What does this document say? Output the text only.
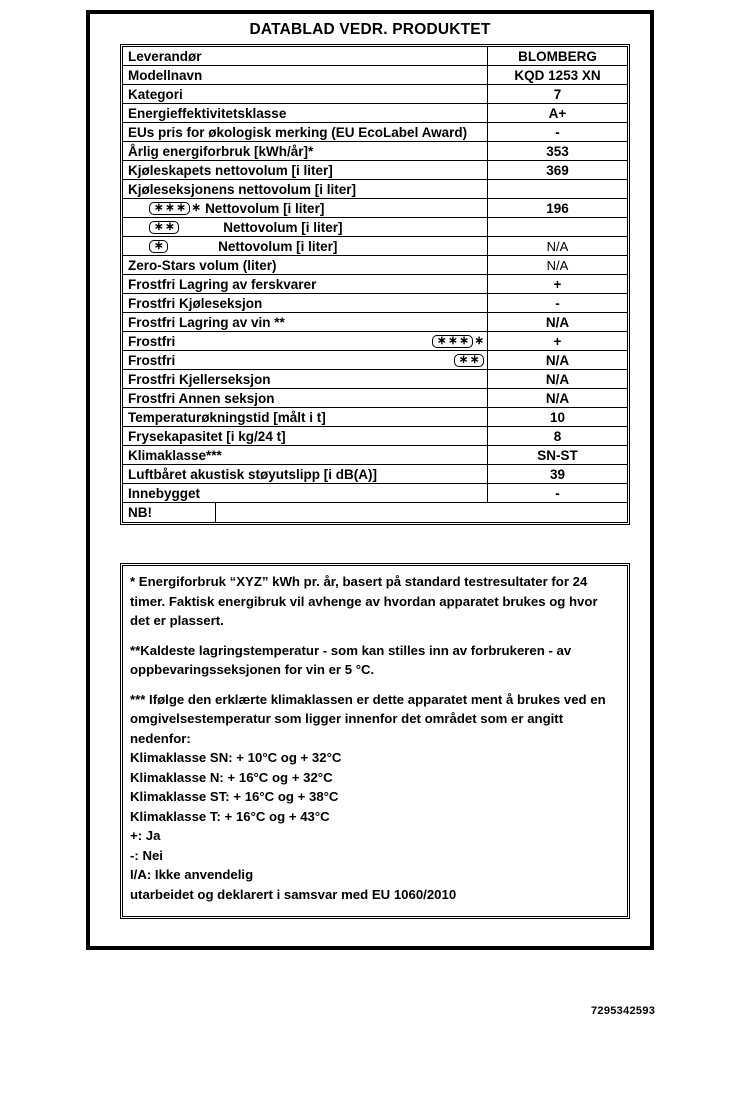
DATABLAD VEDR. PRODUKTET
Leverandør	BLOMBERG
Modellnavn	KQD 1253 XN
Kategori	7
Energieffektivitetsklasse	A+
EUs pris for økologisk merking (EU EcoLabel Award)	-
Årlig energiforbruk [kWh/år]*	353
Kjøleskapets nettovolum [i liter]	369
Kjøleseksjonens nettovolum [i liter]
∗∗∗ ∗ Nettovolum [i liter]	196
∗∗	Nettovolum [i liter]
∗	Nettovolum [i liter]	N/A
Zero-Stars volum (liter)	N/A
Frostfri Lagring av ferskvarer	+
Frostfri Kjøleseksjon	-
Frostfri Lagring av vin **	N/A
Frostfri	∗∗∗ ∗	+
Frostfri	∗∗	N/A
Frostfri Kjellerseksjon	N/A
Frostfri Annen seksjon	N/A
Temperaturøkningstid [målt i t]	10
Frysekapasitet [i kg/24 t]	8
Klimaklasse***	SN-ST
Luftbåret akustisk støyutslipp [i dB(A)]	39
Innebygget	-
NB!

* Energiforbruk “XYZ” kWh pr. år, basert på standard testresultater for 24 timer. Faktisk energibruk vil avhenge av hvordan apparatet brukes og hvor det er plassert.

**Kaldeste lagringstemperatur - som kan stilles inn av forbrukeren - av oppbevaringsseksjonen for vin er 5 °C.

*** Ifølge den erklærte klimaklassen er dette apparatet ment å brukes ved en omgivelsestemperatur som ligger innenfor det området som er angitt nedenfor:

Klimaklasse SN: + 10°C og + 32°C
Klimaklasse N: + 16°C og + 32°C
Klimaklasse ST: + 16°C og + 38°C
Klimaklasse T: + 16°C og + 43°C
+: Ja
-: Nei
I/A: Ikke anvendelig
utarbeidet og deklarert i samsvar med EU 1060/2010
7295342593
